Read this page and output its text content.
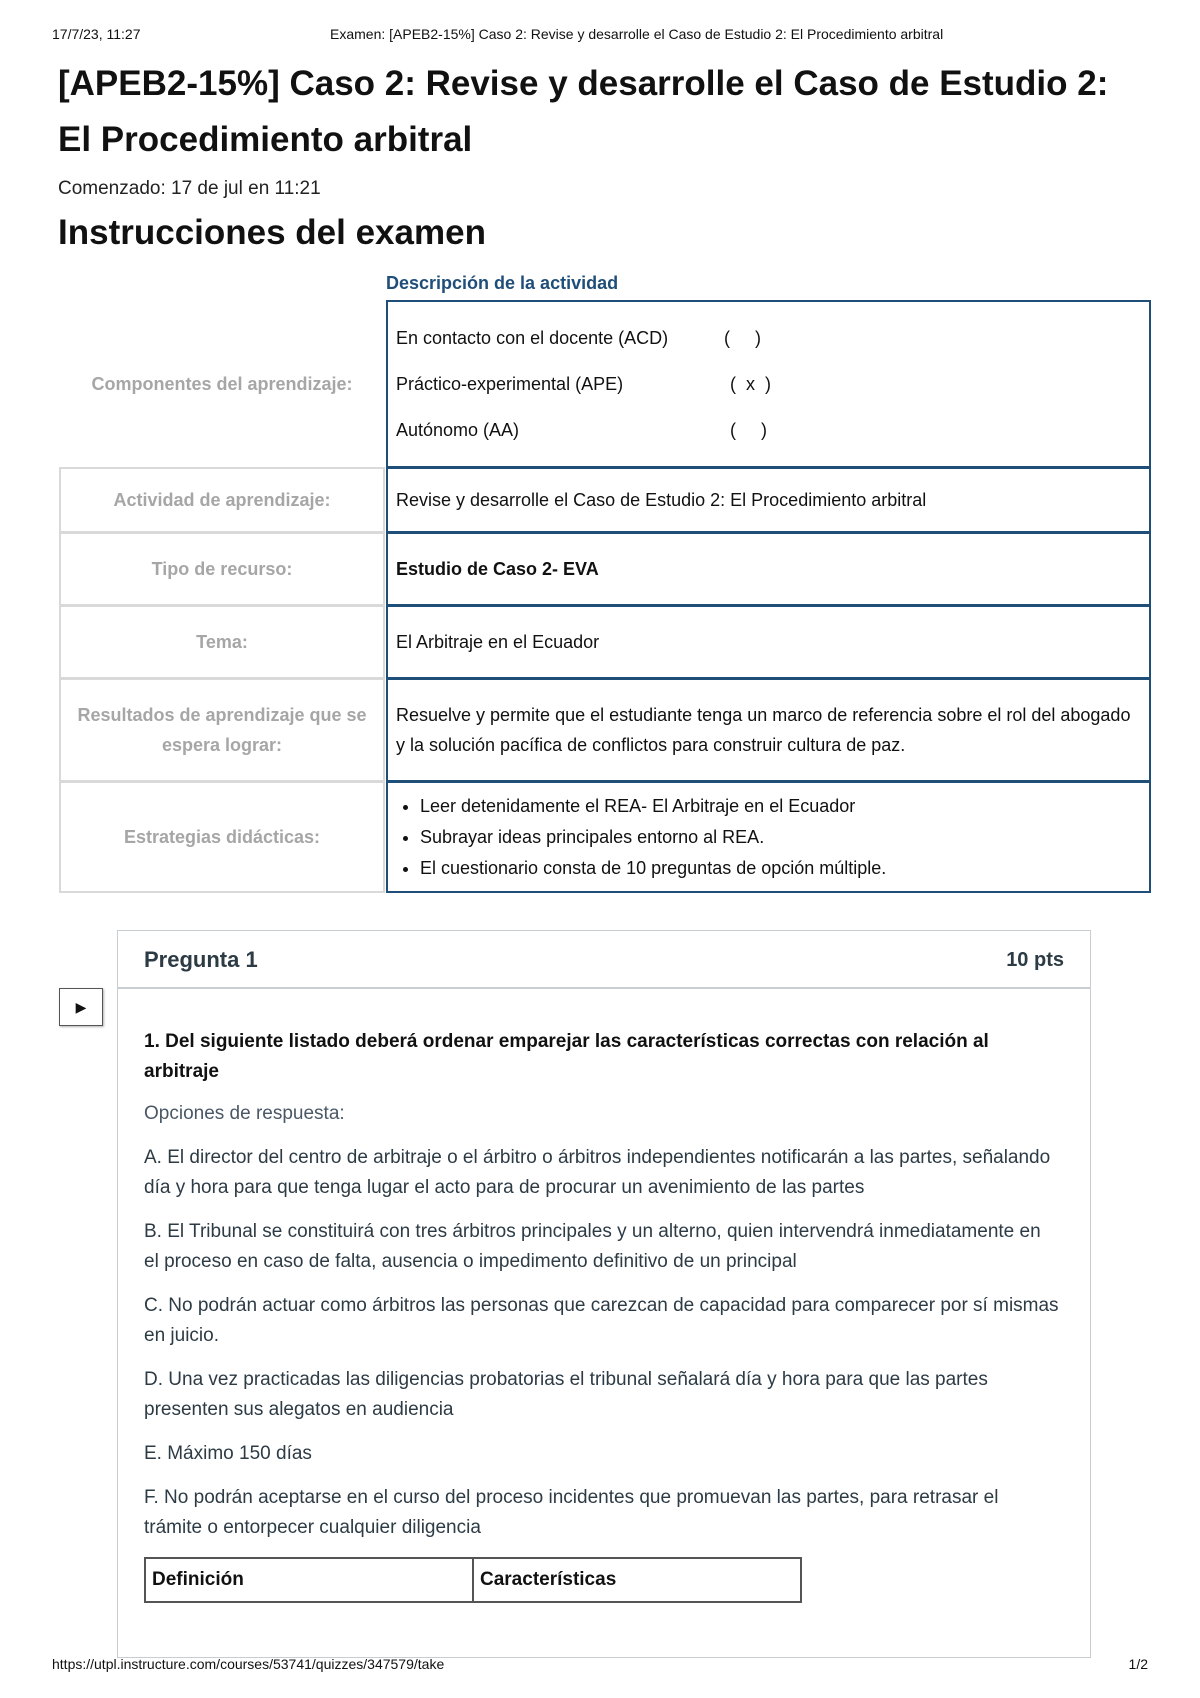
17/7/23, 11:27	Examen: [APEB2-15%] Caso 2: Revise y desarrolle el Caso de Estudio 2: El Procedimiento arbitral
[APEB2-15%] Caso 2: Revise y desarrolle el Caso de Estudio 2: El Procedimiento arbitral
Comenzado: 17 de jul en 11:21
Instrucciones del examen
Descripción de la actividad
Componentes del aprendizaje:
En contacto con el docente (ACD)	(     )
Práctico-experimental (APE)	(  x  )
Autónomo (AA)	(     )
Actividad de aprendizaje:	Revise y desarrolle el Caso de Estudio 2: El Procedimiento arbitral
Tipo de recurso:	Estudio de Caso 2- EVA
Tema:	El Arbitraje en el Ecuador
Resultados de aprendizaje que se espera lograr:
Resuelve y permite que el estudiante tenga un marco de referencia sobre el rol del abogado y la solución pacífica de conflictos para construir cultura de paz.
Estrategias didácticas:
• Leer detenidamente el REA- El Arbitraje en el Ecuador
• Subrayar ideas principales entorno al REA.
• El cuestionario consta de 10 preguntas de opción múltiple.
▶
Pregunta 1	10 pts

1. Del siguiente listado deberá ordenar emparejar las características correctas con relación al arbitraje

Opciones de respuesta:

A. El director del centro de arbitraje o el árbitro o árbitros independientes notificarán a las partes, señalando día y hora para que tenga lugar el acto para de procurar un avenimiento de las partes

B. El Tribunal se constituirá con tres árbitros principales y un alterno, quien intervendrá inmediatamente en el proceso en caso de falta, ausencia o impedimento definitivo de un principal

C. No podrán actuar como árbitros las personas que carezcan de capacidad para comparecer por sí mismas en juicio.

D. Una vez practicadas las diligencias probatorias el tribunal señalará día y hora para que las partes presenten sus alegatos en audiencia

E. Máximo 150 días

F. No podrán aceptarse en el curso del proceso incidentes que promuevan las partes, para retrasar el trámite o entorpecer cualquier diligencia

Definición	Características
https://utpl.instructure.com/courses/53741/quizzes/347579/take	1/2
